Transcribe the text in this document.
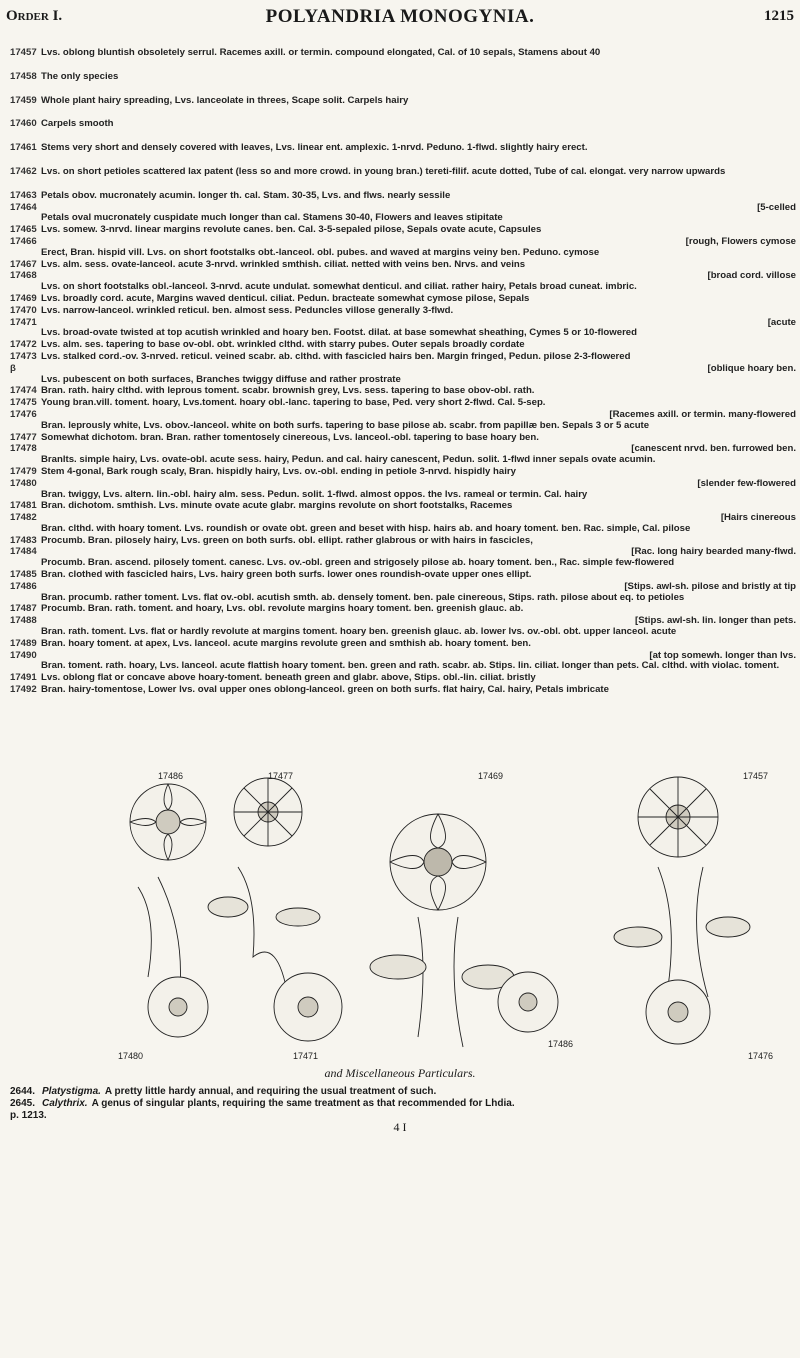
Order I.	POLYANDRIA MONOGYNIA.	1215
17457 Lvs. oblong bluntish obsoletely serrul. Racemes axill. or termin. compound elongated, Cal. of 10 sepals, Stamens about 40
17458 The only species
17459 Whole plant hairy spreading, Lvs. lanceolate in threes, Scape solit. Carpels hairy
17460 Carpels smooth
17461 Stems very short and densely covered with leaves, Lvs. linear ent. amplexic. 1-nrvd. Peduno. 1-flwd. slightly hairy erect.
17462 Lvs. on short petioles scattered lax patent (less so and more crowd. in young bran.) tereti-filif. acute dotted, Tube of cal. elongat. very narrow upwards
17463 Petals obov. mucronately acumin. longer th. cal. Stam. 30-35, Lvs. and flws. nearly sessile
17464	[5-celled
Petals oval mucronately cuspidate much longer than cal. Stamens 30-40, Flowers and leaves stipitate
17465 Lvs. somew. 3-nrvd. linear margins revolute canes. ben. Cal. 3-5-sepaled pilose, Sepals ovate acute, Capsules
17466	[rough, Flowers cymose
Erect, Bran. hispid vill. Lvs. on short footstalks obt.-lanceol. obl. pubes. and waved at margins veiny ben. Peduno. cymose
17467 Lvs. alm. sess. ovate-lanceol. acute 3-nrvd. wrinkled smthish. ciliat. netted with veins ben. Nrvs. and veins
17468	[broad cord. villose
Lvs. on short footstalks obl.-lanceol. 3-nrvd. acute undulat. somewhat denticul. and ciliat. rather hairy, Petals broad cuneat. imbric.
17469 Lvs. broadly cord. acute, Margins waved denticul. ciliat. Pedun. bracteate somewhat cymose pilose, Sepals
17470 Lvs. narrow-lanceol. wrinkled reticul. ben. almost sess. Peduncles villose generally 3-flwd.
17471	[acute
Lvs. broad-ovate twisted at top acutish wrinkled and hoary ben. Footst. dilat. at base somewhat sheathing, Cymes 5 or 10-flowered
17472 Lvs. alm. ses. tapering to base ov-obl. obt. wrinkled clthd. with starry pubes. Outer sepals broadly cordate
17473 Lvs. stalked cord.-ov. 3-nrved. reticul. veined scabr. ab. clthd. with fascicled hairs ben. Margin fringed, Pedun. pilose 2-3-flowered
β	[oblique hoary ben.
Lvs. pubescent on both surfaces, Branches twiggy diffuse and rather prostrate
17474 Bran. rath. hairy clthd. with leprous toment. scabr. brownish grey, Lvs. sess. tapering to base obov-obl. rath.
17475 Young bran.vill. toment. hoary, Lvs.toment. hoary obl.-lanc. tapering to base, Ped. very short 2-flwd. Cal. 5-sep.
17476	[Racemes axill. or termin. many-flowered
Bran. leprously white, Lvs. obov.-lanceol. white on both surfs. tapering to base pilose ab. scabr. from papillæ ben. Sepals 3 or 5 acute
17477 Somewhat dichotom. bran. Bran. rather tomentosely cinereous, Lvs. lanceol.-obl. tapering to base hoary ben.
17478	[canescent nrvd. ben. furrowed ben.
Branlts. simple hairy, Lvs. ovate-obl. acute sess. hairy, Pedun. and cal. hairy canescent, Pedun. solit. 1-flwd inner sepals ovate acumin.
17479 Stem 4-gonal, Bark rough scaly, Bran. hispidly hairy, Lvs. ov.-obl. ending in petiole 3-nrvd. hispidly hairy
17480	[slender few-flowered
Bran. twiggy, Lvs. altern. lin.-obl. hairy alm. sess. Pedun. solit. 1-flwd. almost oppos. the lvs. rameal or termin. Cal. hairy
17481 Bran. dichotom. smthish. Lvs. minute ovate acute glabr. margins revolute on short footstalks, Racemes
17482	[Hairs cinereous
Bran. clthd. with hoary toment. Lvs. roundish or ovate obt. green and beset with hisp. hairs ab. and hoary toment. ben. Rac. simple, Cal. pilose
17483 Procumb. Bran. pilosely hairy, Lvs. green on both surfs. obl. ellipt. rather glabrous or with hairs in fascicles,
17484	[Rac. long hairy bearded many-flwd.
Procumb. Bran. ascend. pilosely toment. canesc. Lvs. ov.-obl. green and strigosely pilose ab. hoary toment. ben., Rac. simple few-flowered
17485 Bran. clothed with fascicled hairs, Lvs. hairy green both surfs. lower ones roundish-ovate upper ones ellipt.
17486	[Stips. awl-sh. pilose and bristly at tip
Bran. procumb. rather toment. Lvs. flat ov.-obl. acutish smth. ab. densely toment. ben. pale cinereous, Stips. rath. pilose about eq. to petioles
17487 Procumb. Bran. rath. toment. and hoary, Lvs. obl. revolute margins hoary toment. ben. greenish glauc. ab.
17488	[Stips. awl-sh. lin. longer than pets.
Bran. rath. toment. Lvs. flat or hardly revolute at margins toment. hoary ben. greenish glauc. ab. lower lvs. ov.-obl. obt. upper lanceol. acute
17489 Bran. hoary toment. at apex, Lvs. lanceol. acute margins revolute green and smthish ab. hoary toment. ben.
17490	[at top somewh. longer than lvs.
Bran. toment. rath. hoary, Lvs. lanceol. acute flattish hoary toment. ben. green and rath. scabr. ab. Stips. lin. ciliat. longer than pets. Cal. clthd. with violac. toment.
17491 Lvs. oblong flat or concave above hoary-toment. beneath green and glabr. above, Stips. obl.-lin. ciliat. bristly
17492 Bran. hairy-tomentose, Lower lvs. oval upper ones oblong-lanceol. green on both surfs. flat hairy, Cal. hairy, Petals imbricate
17486	17477	17469	17457
17480	17471
17486
17476
and Miscellaneous Particulars.
2644. Platystigma. A pretty little hardy annual, and requiring the usual treatment of such.
2645. Calythrix. A genus of singular plants, requiring the same treatment as that recommended for Lhdia.
p. 1213.
4 I
